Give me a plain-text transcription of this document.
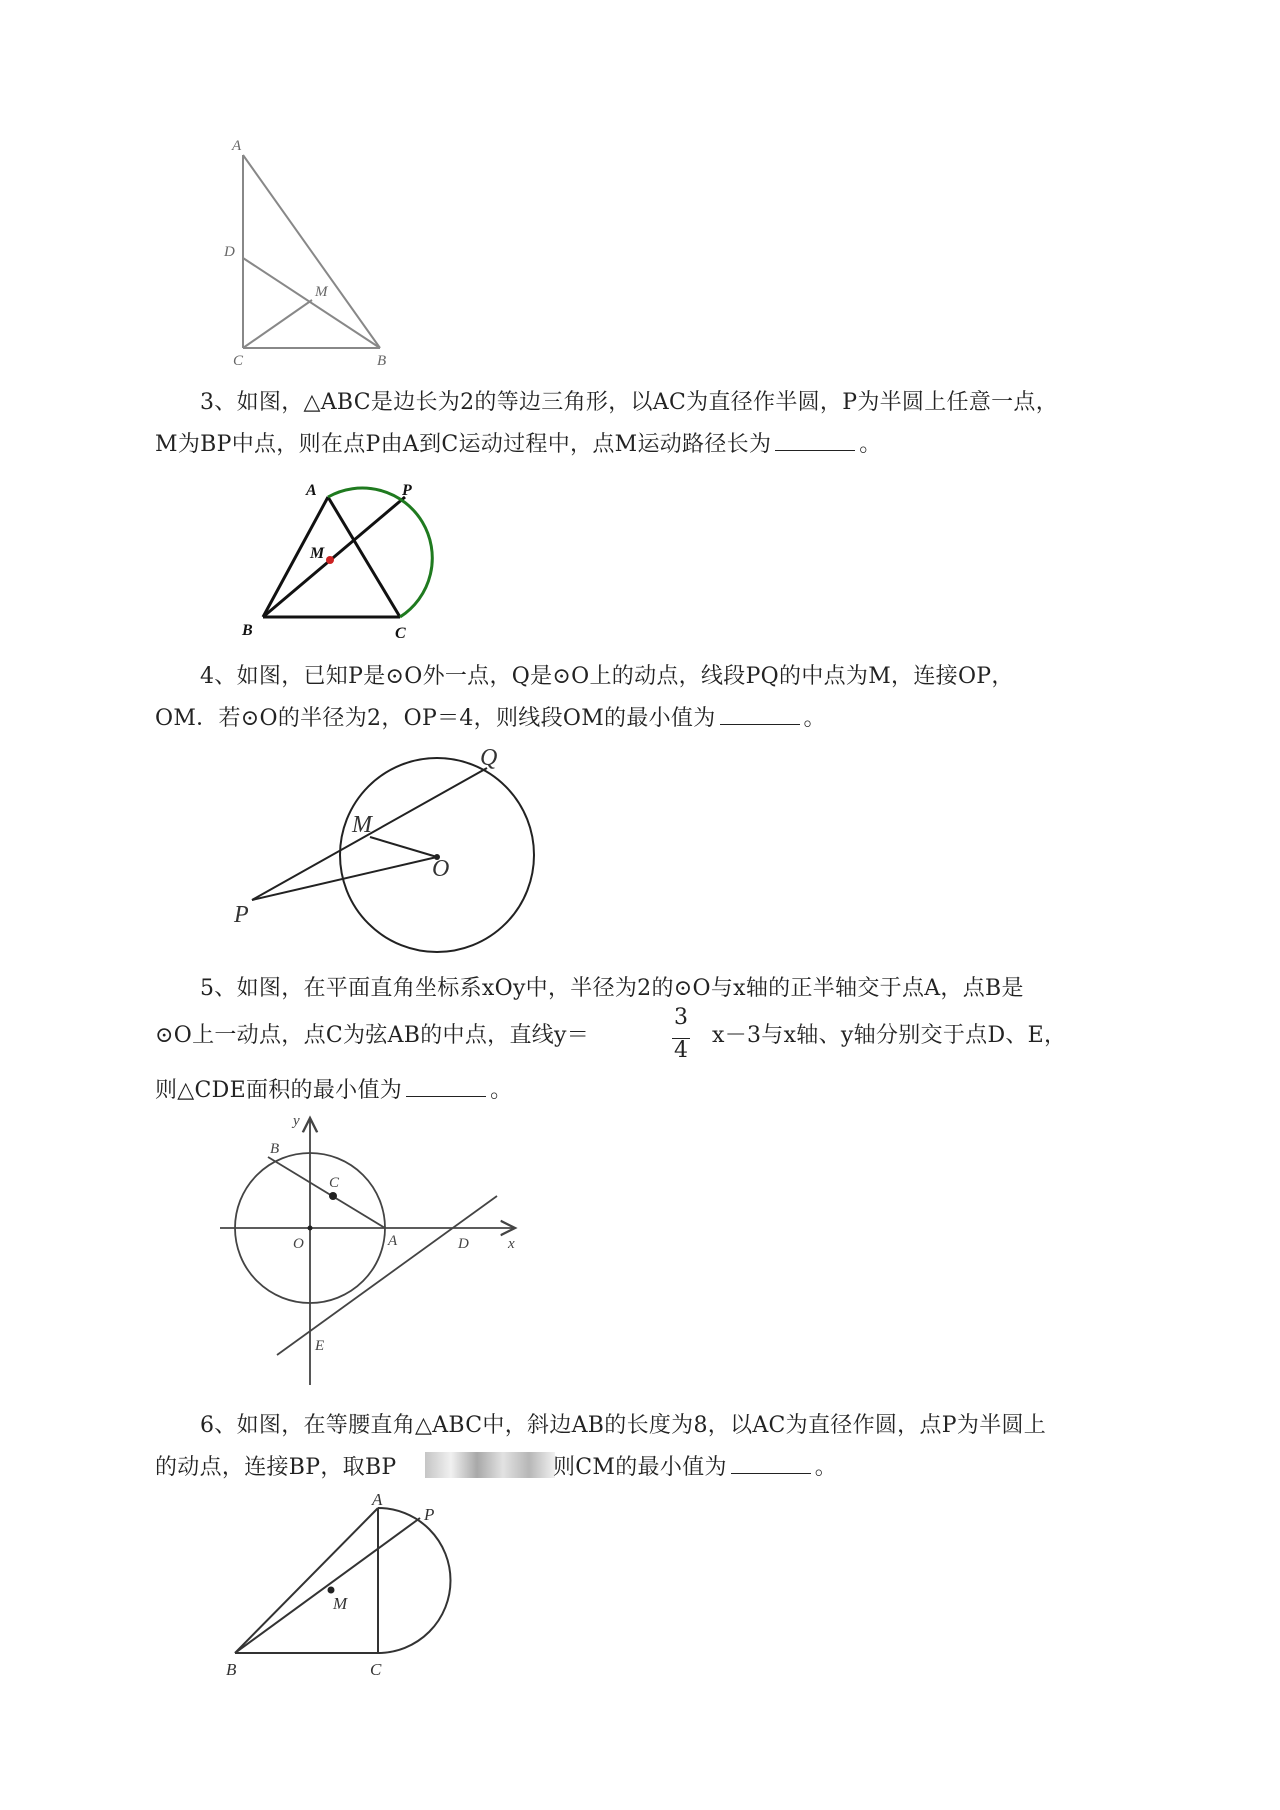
A
D
M
C	B
3、如图，△ABC是边长为2的等边三角形，以AC为直径作半圆，P为半圆上任意一点，
M为BP中点，则在点P由A到C运动过程中，点M运动路径长为	。
A	P
M
B	C
4、如图，已知P是⊙O外一点，Q是⊙O上的动点，线段PQ的中点为M，连接OP，
OM．若⊙O的半径为2，OP＝4，则线段OM的最小值为	。
Q
M
O
P
5、如图，在平面直角坐标系xOy中，半径为2的⊙O与x轴的正半轴交于点A，点B是
⊙O上一动点，点C为弦AB的中点，直线y＝
3
4
x－3与x轴、y轴分别交于点D、E，
则△CDE面积的最小值为	。
y
x
B
C
O	A	D
E
6、如图，在等腰直角△ABC中，斜边AB的长度为8，以AC为直径作圆，点P为半圆上
的动点，连接BP，取BP	则CM的最小值为	。
A
P
M
B	C
